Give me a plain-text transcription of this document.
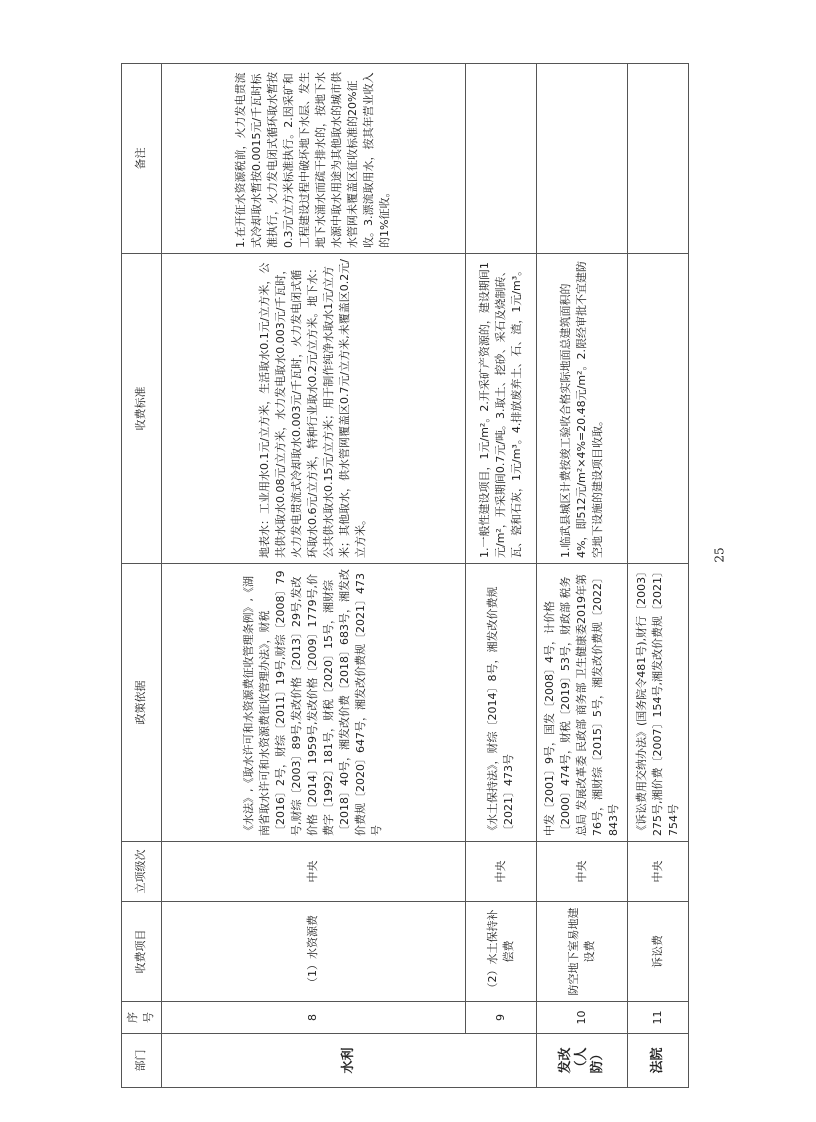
部门	序号	收费项目	立项级次	政策依据	收费标准	备注
水利	8	（1）水资源费	中央	《水法》,《取水许可和水资源费征收管理条例》,《湖南省取水许可和水资源费征收管理办法》，财税〔2016〕2号，财综〔2011〕19号,财综〔2008〕79号,财综〔2003〕89号,发改价格〔2013〕29号,发改价格〔2014〕1959号,发改价格〔2009〕1779号,价费字〔1992〕181号，财税〔2020〕15号，湘财综〔2018〕40号，湘发改价费〔2018〕683号，湘发改价费规〔2020〕647号，湘发改价费规〔2021〕473号	地表水：工业用水0.1元/立方米，生活取水0.1元/立方米，公共供水取水0.08元/立方米，水力发电取水0.003元/千瓦时，火力发电贯流式冷却取水0.003元/千瓦时，火力发电闭式循环取水0.6元/立方米，特种行业取水0.2元/立方米。地下水：公共供水取水0.15元/立方米；用于制作纯净水取水1元/立方米；其他取水，供水管网覆盖区0.7元/立方米,未覆盖区0.2元/立方米。	1.在开征水资源税前，火力发电贯流式冷却取水暂按0.0015元/千瓦时标准执行，火力发电闭式循环取水暂按0.3元/立方米标准执行。2.因采矿和工程建设过程中破坏地下水层、发生地下水涌水而疏干排水的，按地下水水源中取水用途为其他取水的城市供水管网未覆盖区征收标准的20%征收。3.漂流取用水，按其年营业收入的1%征收。
	9	（2）水土保持补偿费	中央	《水土保持法》，财综〔2014〕8号，湘发改价费规〔2021〕473号	1.一般性建设项目，1元/m²。2.开采矿产资源的，建设期间1元/m²，开采期间0.7元/吨。3.取土、挖砂、采石及烧制砖、瓦、瓷和石灰，1元/m³。4.排放废弃土、石、渣，1元/m³。	
发改（人防）	10	防空地下室易地建设费	中央	中发〔2001〕9号，国发〔2008〕4号，计价格〔2000〕474号，财税〔2019〕53号，财政部 税务总局 发展改革委 民政部 商务部 卫生健康委2019年第76号，湘财综〔2015〕5号，湘发改价费规〔2022〕843号	1.临武县城区计费按竣工验收合格实际地面总建筑面积的4%，即512元/m²×4%=20.48元/m²。2.限经审批不宜建防空地下设施的建设项目收取。	
法院	11	诉讼费	中央	《诉讼费用交纳办法》(国务院令481号),财行〔2003〕275号,湘价费〔2007〕154号,湘发改价费规〔2021〕754号		
25
